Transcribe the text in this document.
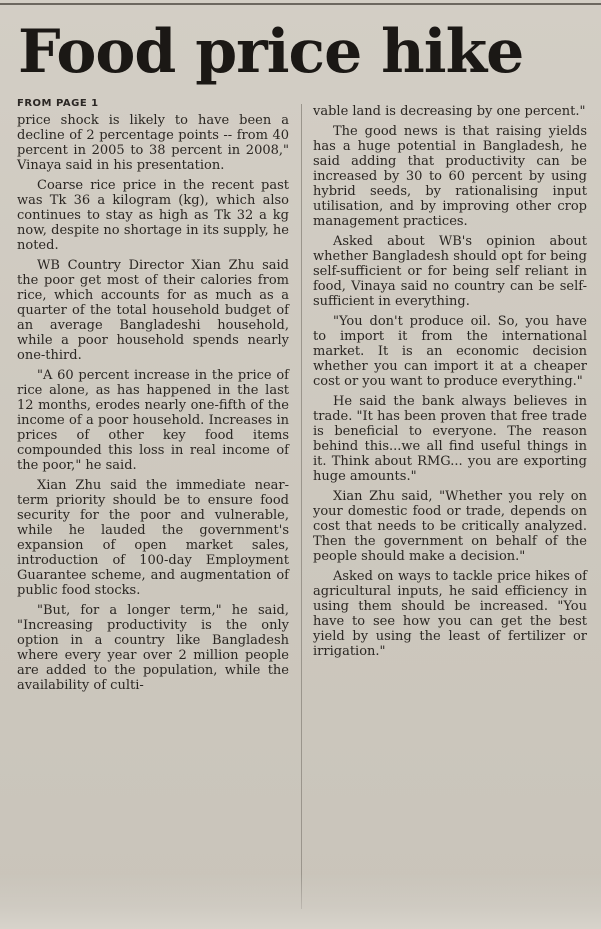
Food price hike
FROM PAGE 1

price shock is likely to have been a decline of 2 percentage points -- from 40 percent in 2005 to 38 percent in 2008," Vinaya said in his presentation.

Coarse rice price in the recent past was Tk 36 a kilogram (kg), which also continues to stay as high as Tk 32 a kg now, despite no shortage in its supply, he noted.

WB Country Director Xian Zhu said the poor get most of their calories from rice, which accounts for as much as a quarter of the total household budget of an average Bangladeshi household, while a poor household spends nearly one-third.

"A 60 percent increase in the price of rice alone, as has happened in the last 12 months, erodes nearly one-fifth of the income of a poor household. Increases in prices of other key food items compounded this loss in real income of the poor," he said.

Xian Zhu said the immediate near-term priority should be to ensure food security for the poor and vulnerable, while he lauded the government's expansion of open market sales, introduction of 100-day Employment Guarantee scheme, and augmentation of public food stocks.

"But, for a longer term," he said, "Increasing productivity is the only option in a country like Bangladesh where every year over 2 million people are added to the population, while the availability of culti-

vable land is decreasing by one percent."

The good news is that raising yields has a huge potential in Bangladesh, he said adding that productivity can be increased by 30 to 60 percent by using hybrid seeds, by rationalising input utilisation, and by improving other crop management practices.

Asked about WB's opinion about whether Bangladesh should opt for being self-sufficient or for being self reliant in food, Vinaya said no country can be self-sufficient in everything.

"You don't produce oil. So, you have to import it from the international market. It is an economic decision whether you can import it at a cheaper cost or you want to produce everything."

He said the bank always believes in trade. "It has been proven that free trade is beneficial to everyone. The reason behind this...we all find useful things in it. Think about RMG... you are exporting huge amounts."

Xian Zhu said, "Whether you rely on your domestic food or trade, depends on cost that needs to be critically analyzed. Then the government on behalf of the people should make a decision."

Asked on ways to tackle price hikes of agricultural inputs, he said efficiency in using them should be increased. "You have to see how you can get the best yield by using the least of fertilizer or irrigation."
